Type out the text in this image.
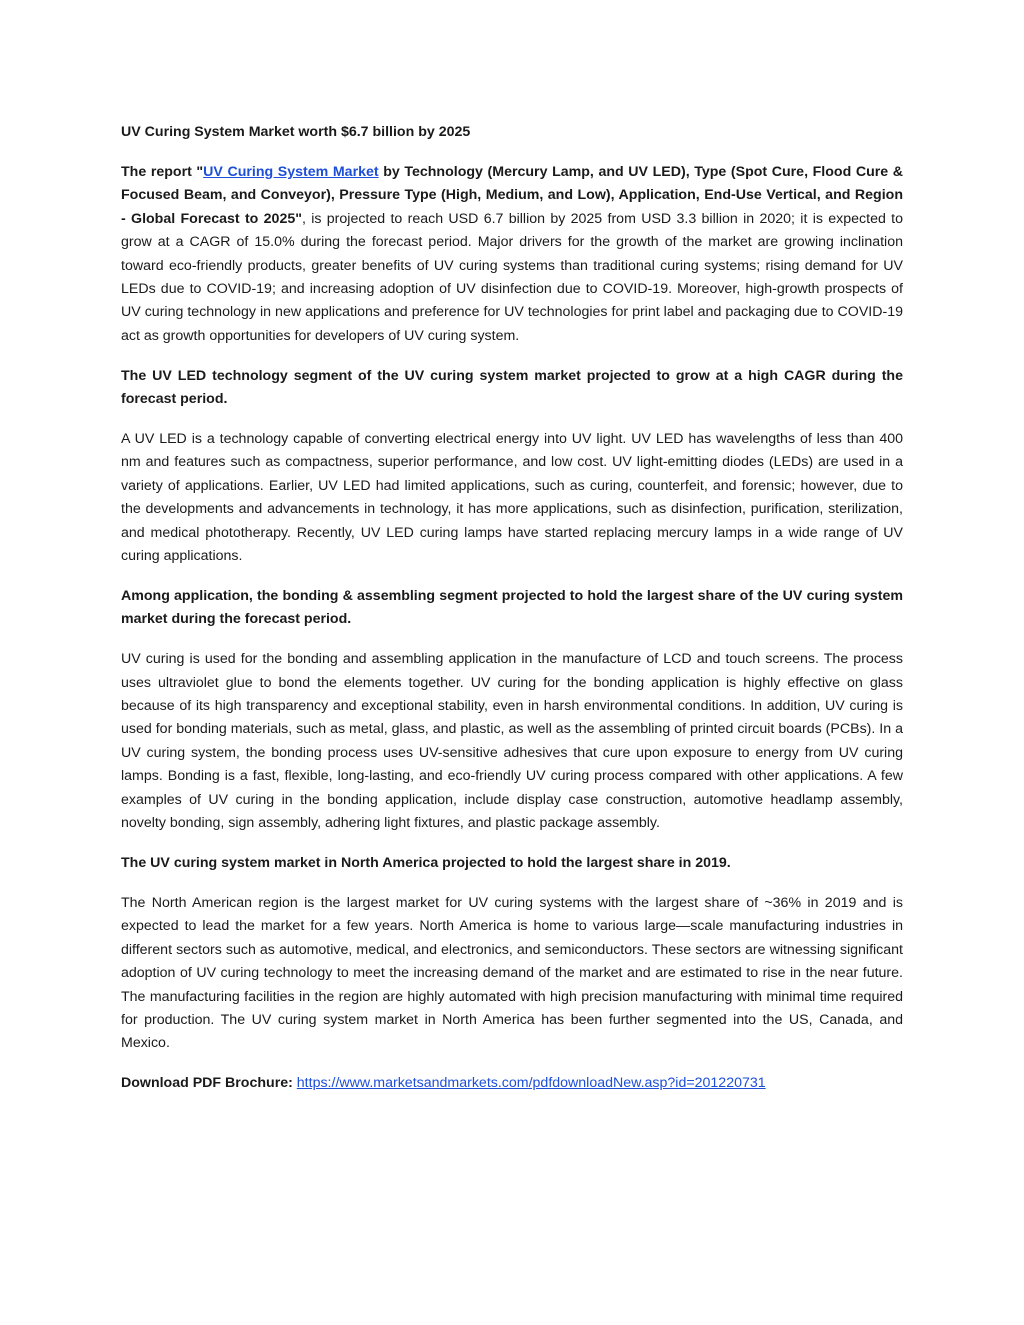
UV Curing System Market worth $6.7 billion by 2025

The report "UV Curing System Market by Technology (Mercury Lamp, and UV LED), Type (Spot Cure, Flood Cure & Focused Beam, and Conveyor), Pressure Type (High, Medium, and Low), Application, End-Use Vertical, and Region - Global Forecast to 2025", is projected to reach USD 6.7 billion by 2025 from USD 3.3 billion in 2020; it is expected to grow at a CAGR of 15.0% during the forecast period. Major drivers for the growth of the market are growing inclination toward eco-friendly products, greater benefits of UV curing systems than traditional curing systems; rising demand for UV LEDs due to COVID-19; and increasing adoption of UV disinfection due to COVID-19. Moreover, high-growth prospects of UV curing technology in new applications and preference for UV technologies for print label and packaging due to COVID-19 act as growth opportunities for developers of UV curing system.

The UV LED technology segment of the UV curing system market projected to grow at a high CAGR during the forecast period.

A UV LED is a technology capable of converting electrical energy into UV light. UV LED has wavelengths of less than 400 nm and features such as compactness, superior performance, and low cost. UV light-emitting diodes (LEDs) are used in a variety of applications. Earlier, UV LED had limited applications, such as curing, counterfeit, and forensic; however, due to the developments and advancements in technology, it has more applications, such as disinfection, purification, sterilization, and medical phototherapy. Recently, UV LED curing lamps have started replacing mercury lamps in a wide range of UV curing applications.

Among application, the bonding & assembling segment projected to hold the largest share of the UV curing system market during the forecast period.

UV curing is used for the bonding and assembling application in the manufacture of LCD and touch screens. The process uses ultraviolet glue to bond the elements together. UV curing for the bonding application is highly effective on glass because of its high transparency and exceptional stability, even in harsh environmental conditions. In addition, UV curing is used for bonding materials, such as metal, glass, and plastic, as well as the assembling of printed circuit boards (PCBs). In a UV curing system, the bonding process uses UV-sensitive adhesives that cure upon exposure to energy from UV curing lamps. Bonding is a fast, flexible, long-lasting, and eco-friendly UV curing process compared with other applications. A few examples of UV curing in the bonding application, include display case construction, automotive headlamp assembly, novelty bonding, sign assembly, adhering light fixtures, and plastic package assembly.

The UV curing system market in North America projected to hold the largest share in 2019.

The North American region is the largest market for UV curing systems with the largest share of ~36% in 2019 and is expected to lead the market for a few years. North America is home to various large—scale manufacturing industries in different sectors such as automotive, medical, and electronics, and semiconductors. These sectors are witnessing significant adoption of UV curing technology to meet the increasing demand of the market and are estimated to rise in the near future. The manufacturing facilities in the region are highly automated with high precision manufacturing with minimal time required for production. The UV curing system market in North America has been further segmented into the US, Canada, and Mexico.

Download PDF Brochure: https://www.marketsandmarkets.com/pdfdownloadNew.asp?id=201220731
